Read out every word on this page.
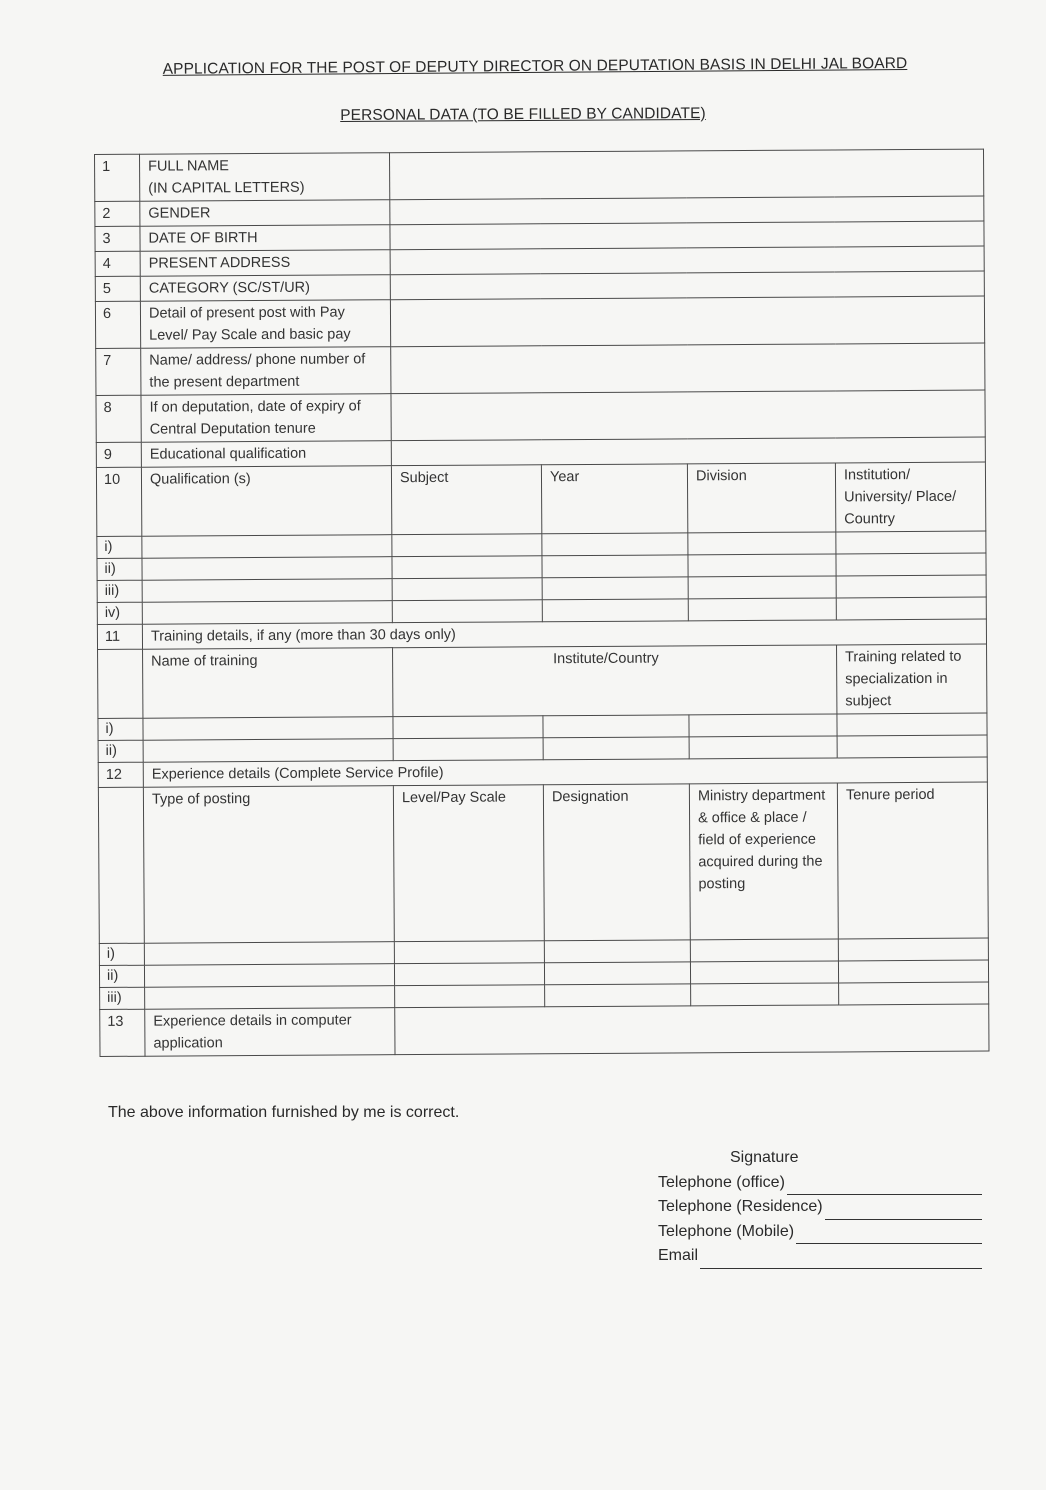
APPLICATION FOR THE POST OF DEPUTY DIRECTOR ON DEPUTATION BASIS IN DELHI JAL BOARD
PERSONAL DATA (TO BE FILLED BY CANDIDATE)
1	FULL NAME
(IN CAPITAL LETTERS)				
2	GENDER				
3	DATE OF BIRTH				
4	PRESENT ADDRESS				
5	CATEGORY (SC/ST/UR)				
6	Detail of present post with Pay Level/ Pay Scale and basic pay				
7	Name/ address/ phone number of the present department				
8	If on deputation, date of expiry of Central Deputation tenure				
9	Educational qualification				
10	Qualification (s)	Subject	Year	Division	Institution/ University/ Place/ Country
i)					
ii)					
iii)					
iv)					
11	Training details, if any (more than 30 days only)				
	Name of training	Institute/Country			Training related to specialization in subject
i)					
ii)					
12	Experience details (Complete Service Profile)				
	Type of posting	Level/Pay Scale	Designation	Ministry department & office & place / field of experience acquired during the posting	Tenure period
i)					
ii)					
iii)					
13	Experience details in computer application				
The above information furnished by me is correct.
Signature
Telephone (office)
Telephone (Residence)
Telephone (Mobile)
Email
